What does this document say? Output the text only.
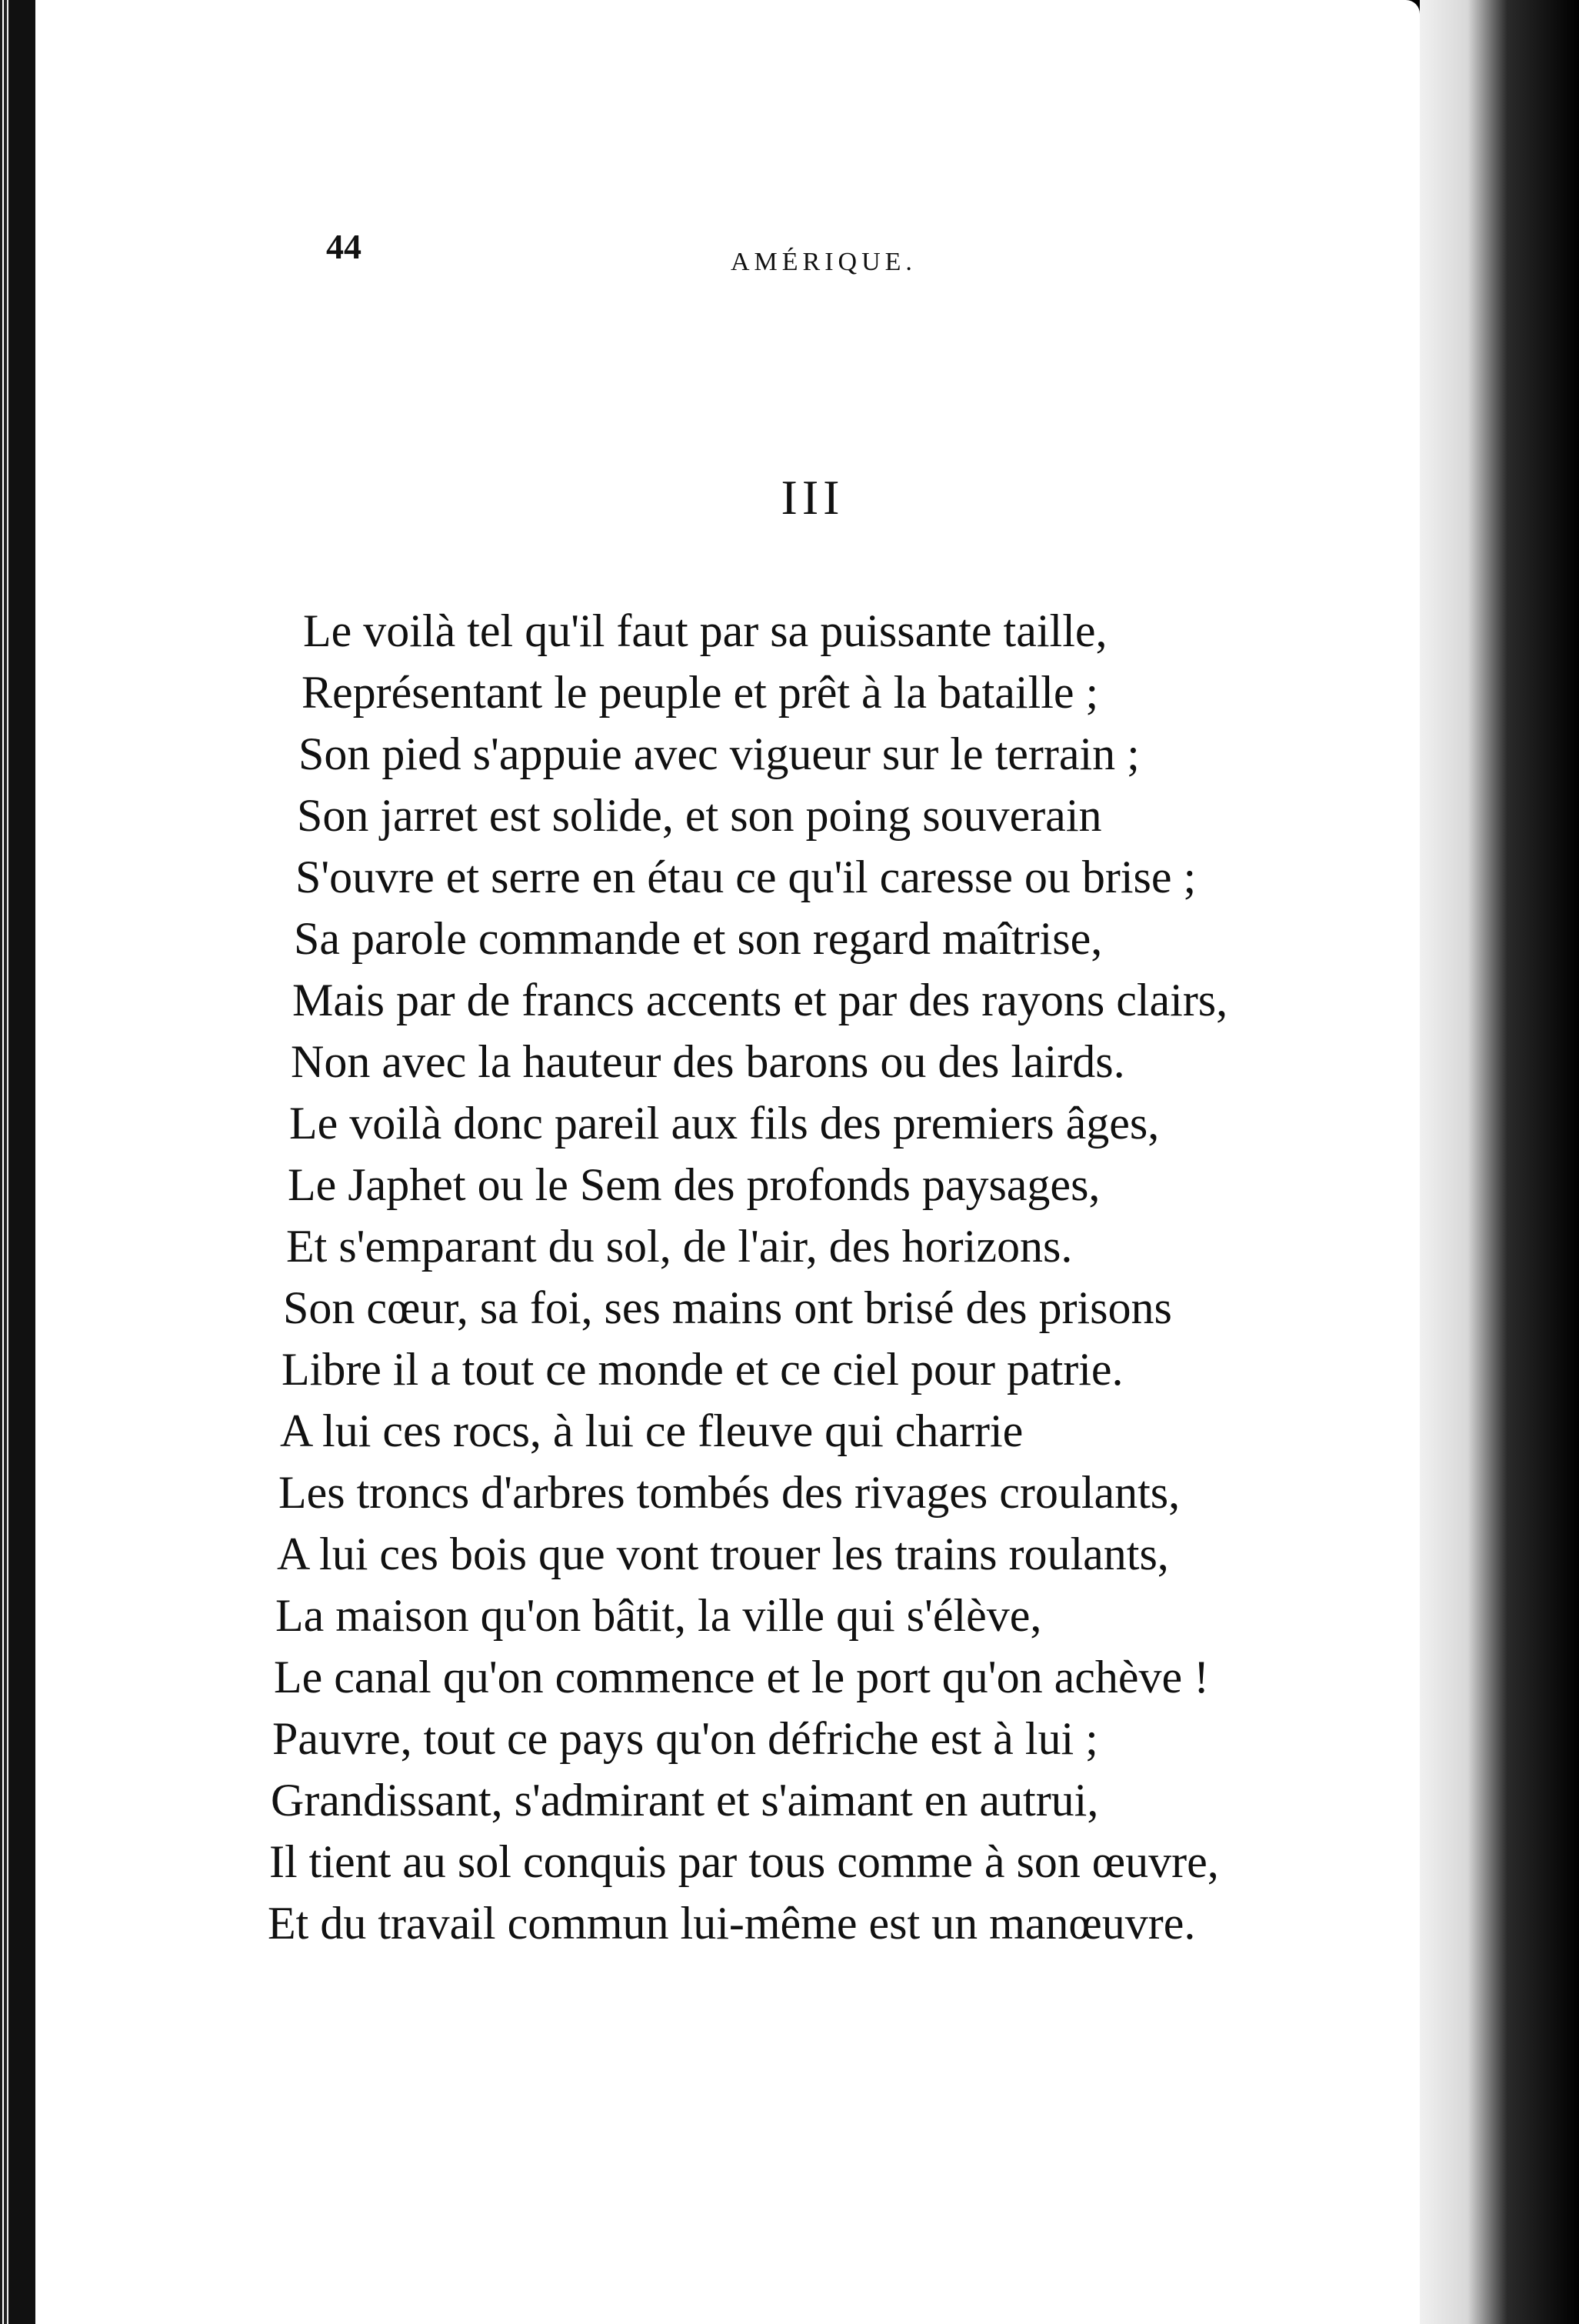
44	AMÉRIQUE.
III
Le voilà tel qu'il faut par sa puissante taille,
Représentant le peuple et prêt à la bataille ;
Son pied s'appuie avec vigueur sur le terrain ;
Son jarret est solide, et son poing souverain
S'ouvre et serre en étau ce qu'il caresse ou brise ;
Sa parole commande et son regard maîtrise,
Mais par de francs accents et par des rayons clairs,
Non avec la hauteur des barons ou des lairds.
Le voilà donc pareil aux fils des premiers âges,
Le Japhet ou le Sem des profonds paysages,
Et s'emparant du sol, de l'air, des horizons.
Son cœur, sa foi, ses mains ont brisé des prisons
Libre il a tout ce monde et ce ciel pour patrie.
A lui ces rocs, à lui ce fleuve qui charrie
Les troncs d'arbres tombés des rivages croulants,
A lui ces bois que vont trouer les trains roulants,
La maison qu'on bâtit, la ville qui s'élève,
Le canal qu'on commence et le port qu'on achève !
Pauvre, tout ce pays qu'on défriche est à lui ;
Grandissant, s'admirant et s'aimant en autrui,
Il tient au sol conquis par tous comme à son œuvre,
Et du travail commun lui-même est un manœuvre.
